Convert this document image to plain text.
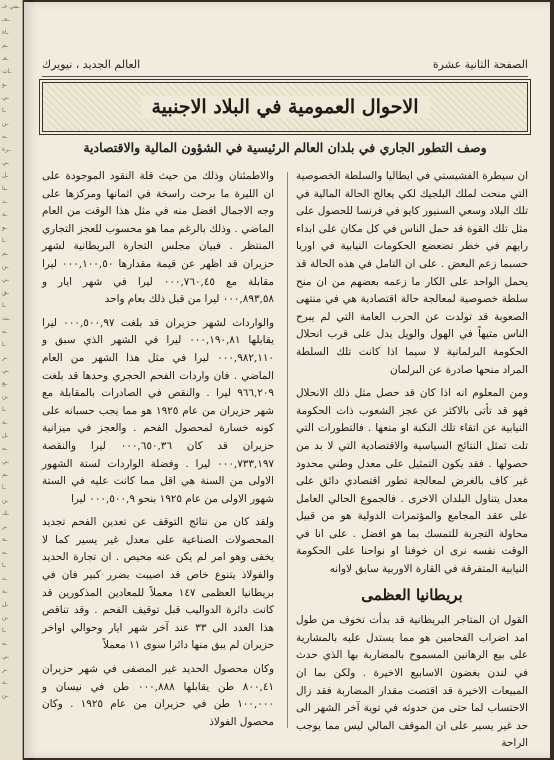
ـمي حـ
ـحـ
ـاء
ـم
ـعـ
ـات
ـو
ـي
ـا
ـن
ـه
ـرة
ـي
ـل
ـنا
ـد
ـة
ـو
ـا
ـم
ـن
ـي
ـق
ـا
ـت
ـه
ـا
ـر
ـي
ـع
ـن
ـا
ـة
ـل
ـه
ـي
ـم
ـا
ـن
ـك
ـر
ـة
ـه
ـا
ـد
ـة
ـل
ـن
ـا
ـه
ـي
ـر
ـة
ـن
الصفحة الثانية عشرة
العالم الجديد ، نيويرك
الاحوال العمومية في البلاد الاجنبية
وصف التطور الجاري في بلدان العالم الرئيسية في الشؤون المالية والاقتصادية

ان سيطرة الفشيستي في ايطاليا والسلطة الخصوصية التي منحت لملك البلجيك لكي يعالج الحالة المالية في تلك البلاد وسعي السنيور كايو في فرنسا للحصول على مثل تلك القوة قد حمل الناس في كل مكان على ابداء رايهم في خطر تضعضع الحكومات النيابية في اوربا حسبما زعم البعض . على ان التامل في هذه الحالة قد يحمل الواحد على الكار ما زعمه بعضهم من ان منح سلطة خصوصية لمعالجة حالة اقتصادية هي في منتهى الصعوبة قد تولدت عن الحرب العامة التي لم يبرح الناس متيهاً في الهول والويل يدل على قرب انحلال الحكومة البرلمانية لا سيما اذا كانت تلك السلطة المراد منحها صادرة عن البرلمان

ومن المعلوم انه اذا كان قد حصل مثل ذلك الانحلال فهو قد تأتى بالاكثر عن عجز الشعوب ذات الحكومة النيابية عن اتقاء تلك النكبة او منعها . فالتطورات التي تلت تمثل النتائج السياسية والاقتصادية التي لا بد من حصولها . فقد يكون التمثيل على معدل وطني محدود غير كاف بالغرض لمعالجة تطور اقتصادي دائق على معدل يتناول البلدان الاخرى . فالجموع الحالي العامل على عقد المجامع والمؤتمرات الدولية هو من قبيل محاولة التجربة للتمسك بما هو افضل . على انا في الوقت نفسه نرى ان خوفنا او نواحنا على الحكومة النيابية المتفرقة في القارة الاوربية سابق لاوانه

بريطانيا العظمى

القول ان المتاجر البريطانية قد بدأت تخوف من طول امد اضراب الفحامين هو مما يستدل عليه بالمشارية على بيع الرهانين المسموح بالمضاربة بها الذي حدث في لندن بغضون الاسابيع الاخيرة . ولكن بما ان المبيعات الاخيرة قد اقتصت مقدار المضاربة فقد زال الاحتساب لما حتى من حدوثه في توية آخر الشهر الى حد غير يسير على ان الموقف المالي ليس مما يوجب الراحة

والاطمئنان وذلك من حيث قلة النقود الموجودة على ان الليرة ما برحت راسخة في اثمانها ومركزها على وجه الاجمال افضل منه في مثل هذا الوقت من العام الماضي . وذلك بالرغم مما هو محسوب للعجز التجاري المنتظر . فبيان مجلس التجارة البريطانية لشهر حزيران قد اظهر عن قيمة مقدارها ٠٠٠,١٠٠,٥٠ ليرا مقابلة مع ٠٠٠,٧٦٠,٤٥ ليرا في شهر ايار و ٠٠٠,٨٩٣,٥٨ ليرا من قبل ذلك بعام واحد

والواردات لشهر حزيران قد بلغت ٠٠٠,٥٠٠,٩٧ ليرا يقابلها ٠٠٠,١٩٠,٨١ ليرا في الشهر الذي سبق و ٠٠٠,٩٨٢,١١٠ ليرا في مثل هذا الشهر من العام الماضي . فان واردات الفحم الحجري وحدها قد بلغت ٩٦٦,٢٠٩ ليرا . والنقص في الصادرات بالمقابلة مع شهر حزيران من عام ١٩٢٥ هو مما يجب حسبانه على كونه خسارة لمحصول الفحم . والعجز في ميزانية حزيران قد كان ٠٠٠,٦٥٠,٣٦ ليرا والنقصة ٠٠٠,٧٣٣,١٩٧ ليرا . وفضلة الواردات لستة الشهور الاولى من السنة هي اقل مما كانت عليه في الستة شهور الاولى من عام ١٩٢٥ بنحو ٠٠٠,٥٠٠,٩ ليرا

ولقد كان من نتائج التوقف عن تعدين الفحم تجديد المحصولات الصناعية على معدل غير يسير كما لا يخفى وهو امر لم يكن عنه محيص . ان تجارة الحديد والفولاذ يتنوع خاص قد اصيبت بضرر كبير فان في بريطانيا العظمى ١٤٧ معملاً للمعادين المذكورين قد كانت دائرة الدواليب قبل توقيف الفحم . وقد تناقص هذا العدد الى ٣٣ عند آخر شهر ايار وحوالي اواخر حزيران لم يبق منها دائرا سوى ١١ معملاً

وكان محصول الحديد غير المصفى في شهر حزيران ٨٠٠,٤١ طن يقابلها ٠٠٠,٨٨٨ طن في نيسان و ١٠٠,٠٠٠ طن في حزيران من عام ١٩٢٥ . وكان محصول الفولاذ
